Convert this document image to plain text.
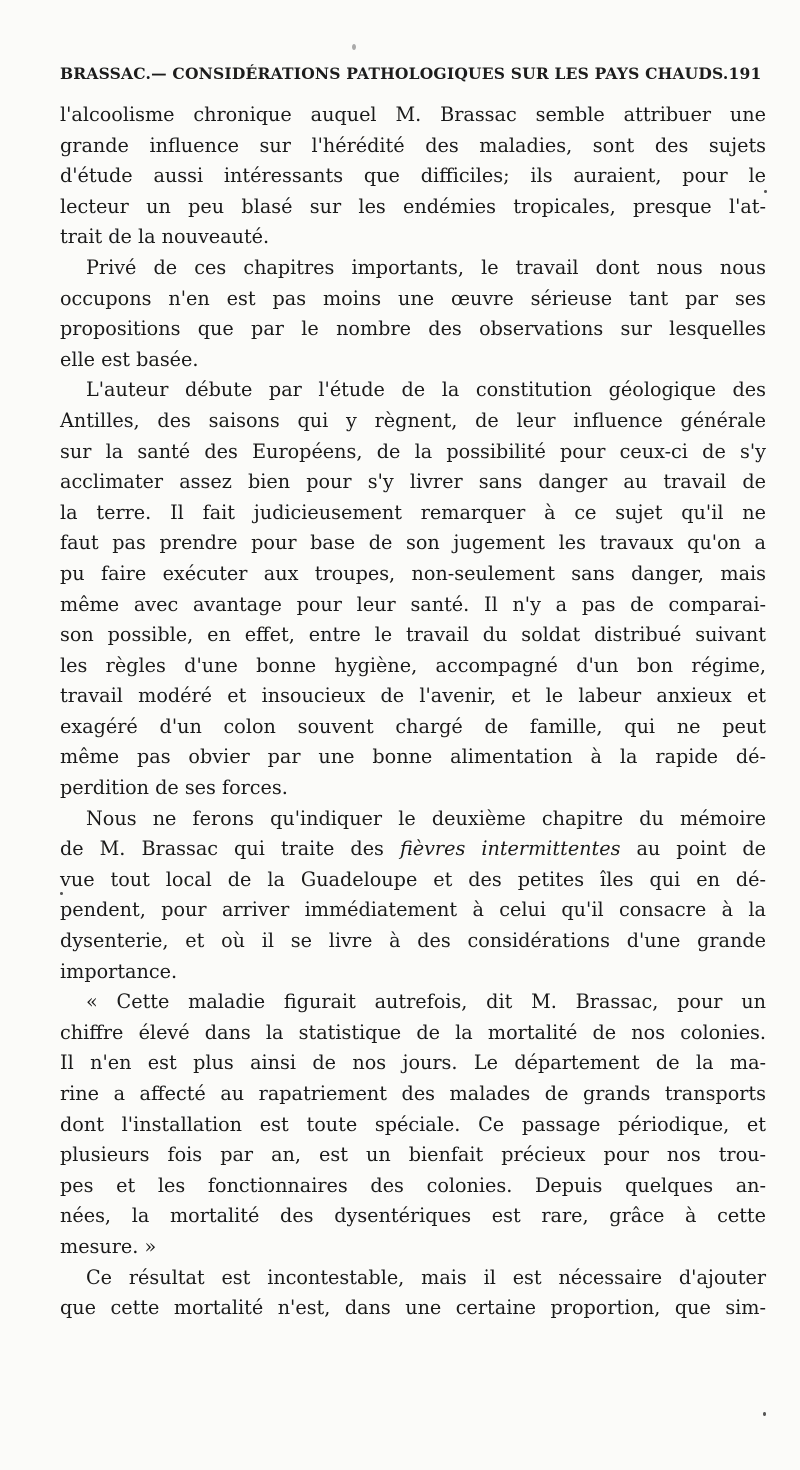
BRASSAC.— CONSIDÉRATIONS PATHOLOGIQUES SUR LES PAYS CHAUDS. 191
l'alcoolisme chronique auquel M. Brassac semble attribuer une
grande influence sur l'hérédité des maladies, sont des sujets
d'étude aussi intéressants que difficiles; ils auraient, pour le
lecteur un peu blasé sur les endémies tropicales, presque l'at-
trait de la nouveauté.
Privé de ces chapitres importants, le travail dont nous nous
occupons n'en est pas moins une œuvre sérieuse tant par ses
propositions que par le nombre des observations sur lesquelles
elle est basée.
L'auteur débute par l'étude de la constitution géologique des
Antilles, des saisons qui y règnent, de leur influence générale
sur la santé des Européens, de la possibilité pour ceux-ci de s'y
acclimater assez bien pour s'y livrer sans danger au travail de
la terre. Il fait judicieusement remarquer à ce sujet qu'il ne
faut pas prendre pour base de son jugement les travaux qu'on a
pu faire exécuter aux troupes, non-seulement sans danger, mais
même avec avantage pour leur santé. Il n'y a pas de comparai-
son possible, en effet, entre le travail du soldat distribué suivant
les règles d'une bonne hygiène, accompagné d'un bon régime,
travail modéré et insoucieux de l'avenir, et le labeur anxieux et
exagéré d'un colon souvent chargé de famille, qui ne peut
même pas obvier par une bonne alimentation à la rapide dé-
perdition de ses forces.
Nous ne ferons qu'indiquer le deuxième chapitre du mémoire
de M. Brassac qui traite des fièvres intermittentes au point de
vue tout local de la Guadeloupe et des petites îles qui en dé-
pendent, pour arriver immédiatement à celui qu'il consacre à la
dysenterie, et où il se livre à des considérations d'une grande
importance.
« Cette maladie figurait autrefois, dit M. Brassac, pour un
chiffre élevé dans la statistique de la mortalité de nos colonies.
Il n'en est plus ainsi de nos jours. Le département de la ma-
rine a affecté au rapatriement des malades de grands transports
dont l'installation est toute spéciale. Ce passage périodique, et
plusieurs fois par an, est un bienfait précieux pour nos trou-
pes et les fonctionnaires des colonies. Depuis quelques an-
nées, la mortalité des dysentériques est rare, grâce à cette
mesure. »
Ce résultat est incontestable, mais il est nécessaire d'ajouter
que cette mortalité n'est, dans une certaine proportion, que sim-
